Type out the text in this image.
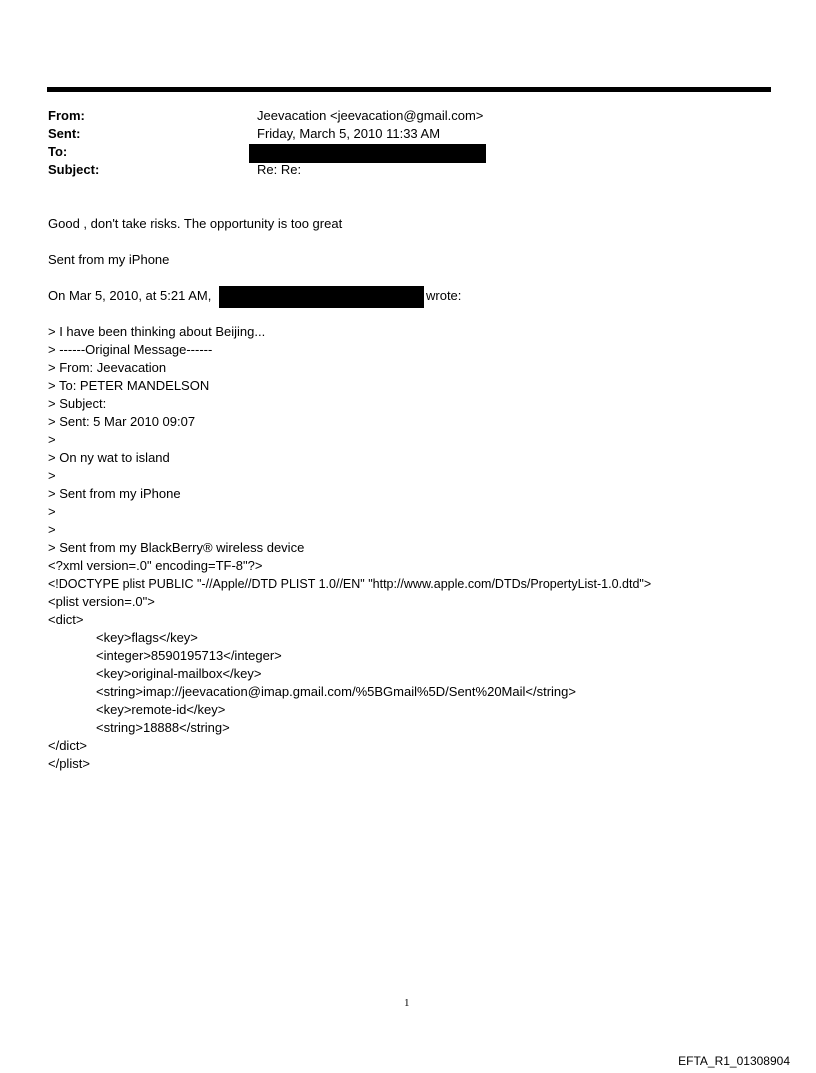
From:	Jeevacation <jeevacation@gmail.com>
Sent:	Friday, March 5, 2010 11:33 AM
To:
Subject:	Re: Re:
Good , don't take risks. The opportunity is too great
Sent from my iPhone
On Mar 5, 2010, at 5:21 AM,	wrote:
> I have been thinking about Beijing...
> ------Original Message------
> From: Jeevacation
> To: PETER MANDELSON
> Subject:
> Sent: 5 Mar 2010 09:07
>
> On ny wat to island
>
> Sent from my iPhone
>
>
> Sent from my BlackBerry® wireless device
<?xml version=.0" encoding=TF-8"?>
<!DOCTYPE plist PUBLIC "-//Apple//DTD PLIST 1.0//EN" "http://www.apple.com/DTDs/PropertyList-1.0.dtd">
<plist version=.0">
<dict>
<key>flags</key>
<integer>8590195713</integer>
<key>original-mailbox</key>
<string>imap://jeevacation@imap.gmail.com/%5BGmail%5D/Sent%20Mail</string>
<key>remote-id</key>
<string>18888</string>
</dict>
</plist>
1
EFTA_R1_01308904
